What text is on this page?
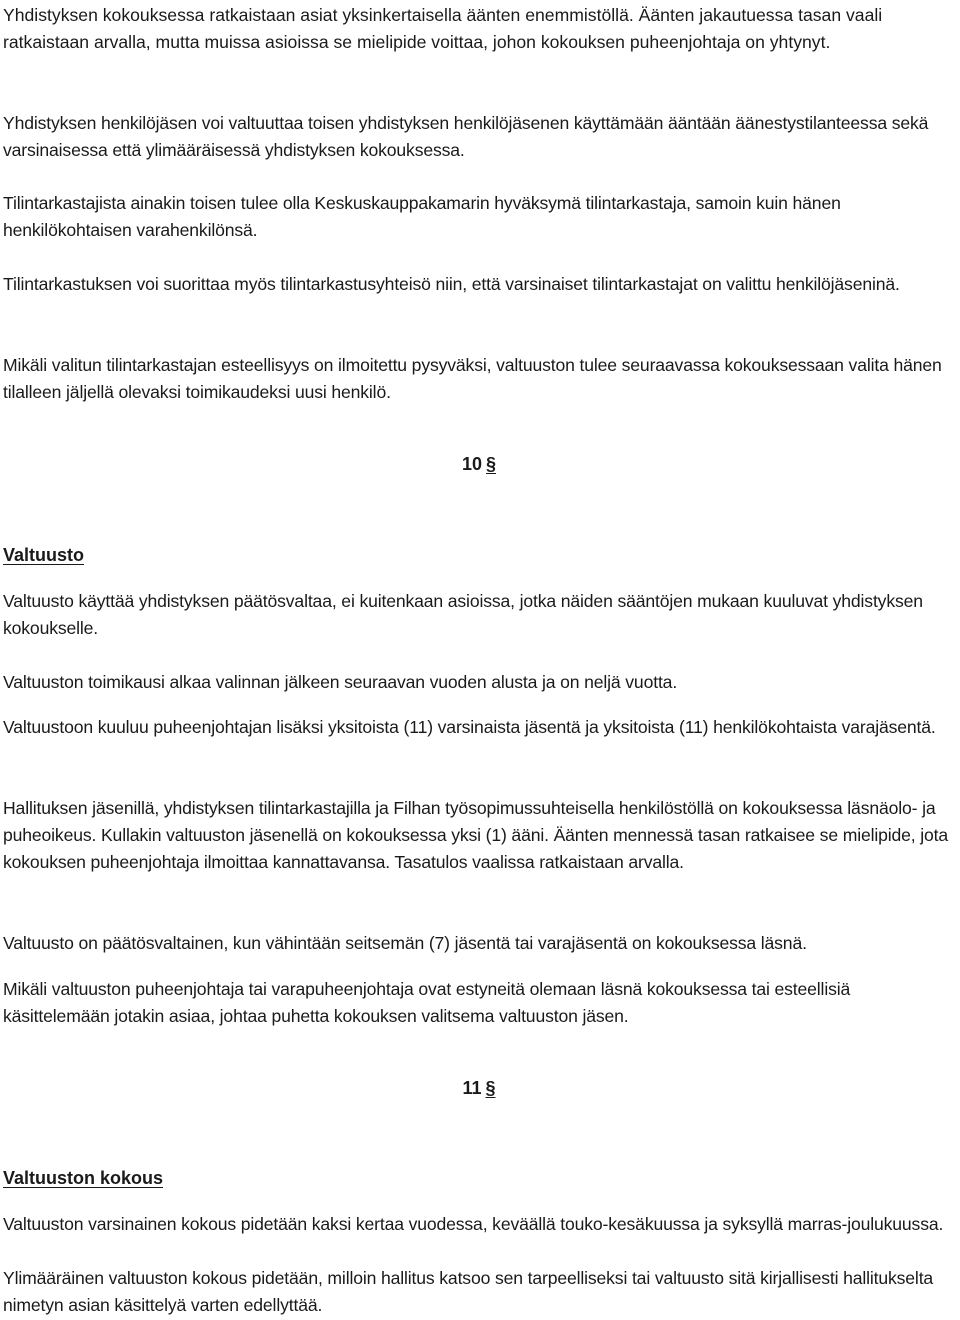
Yhdistyksen kokouksessa ratkaistaan asiat yksinkertaisella äänten enemmistöllä. Äänten jakautuessa tasan vaali ratkaistaan arvalla, mutta muissa asioissa se mielipide voittaa, johon kokouksen puheenjohtaja on yhtynyt.

Yhdistyksen henkilöjäsen voi valtuuttaa toisen yhdistyksen henkilöjäsenen käyttämään ääntään äänestystilanteessa sekä varsinaisessa että ylimääräisessä yhdistyksen kokouksessa.

Tilintarkastajista ainakin toisen tulee olla Keskuskauppakamarin hyväksymä tilintarkastaja, samoin kuin hänen henkilökohtaisen varahenkilönsä.

Tilintarkastuksen voi suorittaa myös tilintarkastusyhteisö niin, että varsinaiset tilintarkastajat on valittu henkilöjäseninä.

Mikäli valitun tilintarkastajan esteellisyys on ilmoitettu pysyväksi, valtuuston tulee seuraavassa kokouksessaan valita hänen tilalleen jäljellä olevaksi toimikaudeksi uusi henkilö.

10 §
Valtuusto

Valtuusto käyttää yhdistyksen päätösvaltaa, ei kuitenkaan asioissa, jotka näiden sääntöjen mukaan kuuluvat yhdistyksen kokoukselle.

Valtuuston toimikausi alkaa valinnan jälkeen seuraavan vuoden alusta ja on neljä vuotta.

Valtuustoon kuuluu puheenjohtajan lisäksi yksitoista (11) varsinaista jäsentä ja yksitoista (11) henkilökohtaista varajäsentä.

Hallituksen jäsenillä, yhdistyksen tilintarkastajilla ja Filhan työsopimussuhteisella henkilöstöllä on kokouksessa läsnäolo- ja puheoikeus. Kullakin valtuuston jäsenellä on kokouksessa yksi (1) ääni. Äänten mennessä tasan ratkaisee se mielipide, jota kokouksen puheenjohtaja ilmoittaa kannattavansa. Tasatulos vaalissa ratkaistaan arvalla.

Valtuusto on päätösvaltainen, kun vähintään seitsemän (7) jäsentä tai varajäsentä on kokouksessa läsnä.

Mikäli valtuuston puheenjohtaja tai varapuheenjohtaja ovat estyneitä olemaan läsnä kokouksessa tai esteellisiä käsittelemään jotakin asiaa, johtaa puhetta kokouksen valitsema valtuuston jäsen.

11 §
Valtuuston kokous

Valtuuston varsinainen kokous pidetään kaksi kertaa vuodessa, keväällä touko-kesäkuussa ja syksyllä marras-joulukuussa.

Ylimääräinen valtuuston kokous pidetään, milloin hallitus katsoo sen tarpeelliseksi tai valtuusto sitä kirjallisesti hallitukselta nimetyn asian käsittelyä varten edellyttää.
